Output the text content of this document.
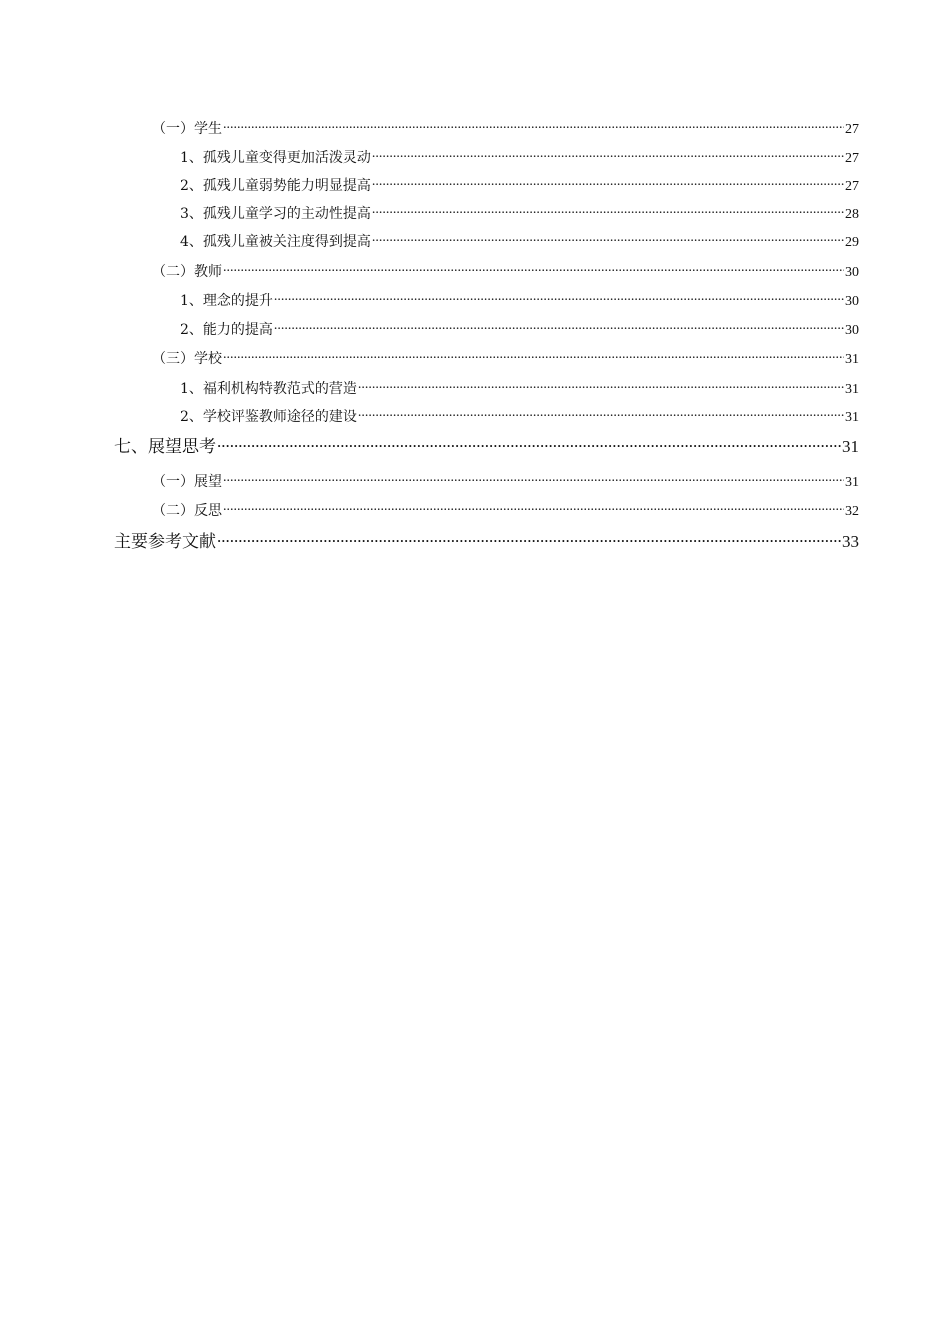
（一）学生 .....	27
1、孤残儿童变得更加活泼灵动 .....	27
2、孤残儿童弱势能力明显提高 .....	27
3、孤残儿童学习的主动性提高 .....	28
4、孤残儿童被关注度得到提高 .....	29
（二）教师 .....	30
1、理念的提升 .....	30
2、能力的提高 .....	30
（三）学校 .....	31
1、福利机构特教范式的营造 .....	31
2、学校评鉴教师途径的建设 .....	31
七、展望思考 .....	31
（一）展望 .....	31
（二）反思 .....	32
主要参考文献 .....	33
